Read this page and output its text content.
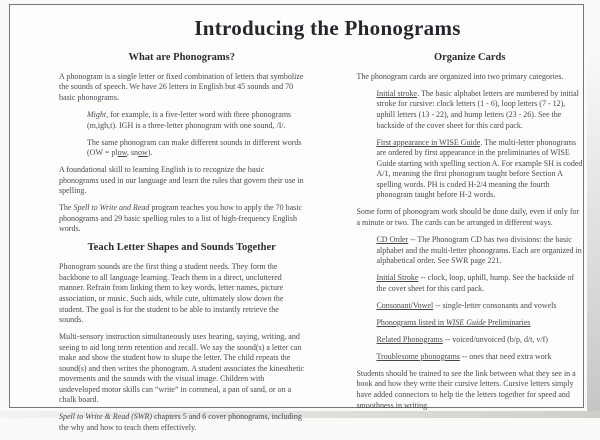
Introducing the Phonograms
What are Phonograms?

A phonogram is a single letter or fixed combination of letters that symbolize the sounds of speech. We have 26 letters in English but 45 sounds and 70 basic phonograms.

Might, for example, is a five-letter word with three phonograms (m,igh,t). IGH is a three-letter phonogram with one sound, /I/.

The same phonogram can make different sounds in different words (OW = plow, snow).

A foundational skill to learning English is to recognize the basic phonograms used in our language and learn the rules that govern their use in spelling.

The Spell to Write and Read program teaches you how to apply the 70 basic phonograms and 29 basic spelling rules to a list of high-frequency English words.

Teach Letter Shapes and Sounds Together

Phonogram sounds are the first thing a student needs. They form the backbone to all language learning. Teach them in a direct, uncluttered manner. Refrain from linking them to key words, letter names, picture association, or music. Such aids, while cute, ultimately slow down the student. The goal is for the student to be able to instantly retrieve the sounds.

Multi-sensory instruction simultaneously uses hearing, saying, writing, and seeing to aid long term retention and recall. We say the sound(s) a letter can make and show the student how to shape the letter. The child repeats the sound(s) and then writes the phonogram. A student associates the kinesthetic movements and the sounds with the visual image. Children with undeveloped motor skills can “write” in cornmeal, a pan of sand, or on a chalk board.

Spell to Write & Read (SWR) chapters 5 and 6 cover phonograms, including the why and how to teach them effectively.

Organize Cards

The phonogram cards are organized into two primary categories.

Initial stroke. The basic alphabet letters are numbered by initial stroke for cursive: clock letters (1 - 6), loop letters (7 - 12), uphill letters (13 - 22), and hump letters (23 - 26). See the backside of the cover sheet for this card pack.

First appearance in WISE Guide. The multi-letter phonograms are ordered by first appearance in the preliminaries of WISE Guide starting with spelling section A. For example SH is coded A/1, meaning the first phonogram taught before Section A spelling words. PH is coded H-2/4 meaning the fourth phonogram taught before H-2 words.

Some form of phonogram work should be done daily, even if only for a minute or two. The cards can be arranged in different ways.

CD Order -- The Phonogram CD has two divisions: the basic alphabet and the multi-letter phonograms. Each are organized in alphabetical order. See SWR page 221.

Initial Stroke -- clock, loop, uphill, hump. See the backside of the cover sheet for this card pack.

Consonant/Vowel -- single-letter consonants and vowels

Phonograms listed in WISE Guide Preliminaries

Related Phonograms -- voiced/unvoiced (b/p, d/t, v/f)

Troublesome phonograms -- ones that need extra work

Students should be trained to see the link between what they see in a book and how they write their cursive letters. Cursive letters simply have added connectors to help tie the letters together for speed and smoothness in writing.
